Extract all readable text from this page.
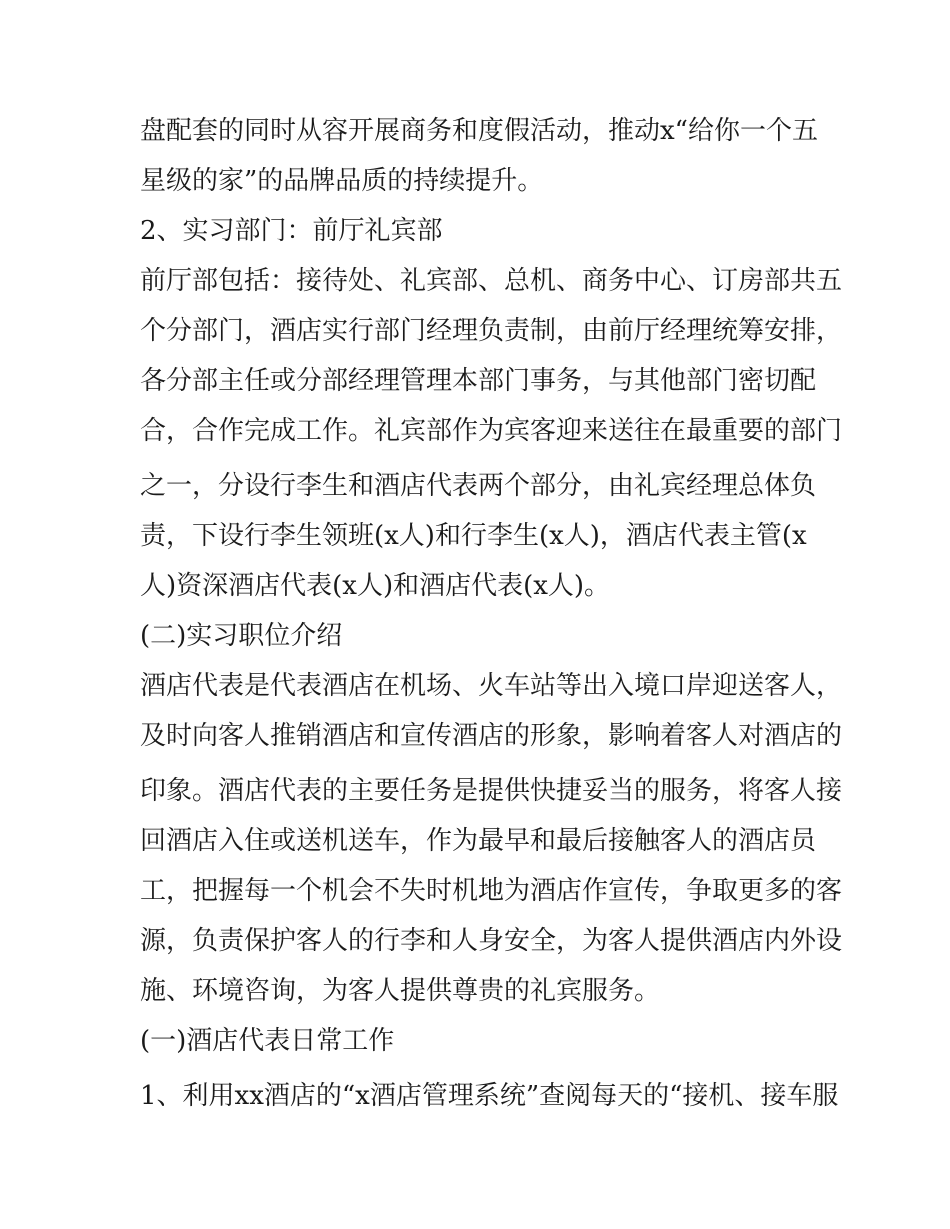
盘配套的同时从容开展商务和度假活动，推动x“给你一个五
星级的家”的品牌品质的持续提升。
2、实习部门：前厅礼宾部
前厅部包括：接待处、礼宾部、总机、商务中心、订房部共五
个分部门，酒店实行部门经理负责制，由前厅经理统筹安排，
各分部主任或分部经理管理本部门事务，与其他部门密切配
合，合作完成工作。礼宾部作为宾客迎来送往在最重要的部门
之一，分设行李生和酒店代表两个部分，由礼宾经理总体负
责，下设行李生领班(x人)和行李生(x人)，酒店代表主管(x
人)资深酒店代表(x人)和酒店代表(x人)。
(二)实习职位介绍
酒店代表是代表酒店在机场、火车站等出入境口岸迎送客人，
及时向客人推销酒店和宣传酒店的形象，影响着客人对酒店的
印象。酒店代表的主要任务是提供快捷妥当的服务，将客人接
回酒店入住或送机送车，作为最早和最后接触客人的酒店员
工，把握每一个机会不失时机地为酒店作宣传，争取更多的客
源，负责保护客人的行李和人身安全，为客人提供酒店内外设
施、环境咨询，为客人提供尊贵的礼宾服务。
(一)酒店代表日常工作
1、利用xx酒店的“x酒店管理系统”查阅每天的“接机、接车服
